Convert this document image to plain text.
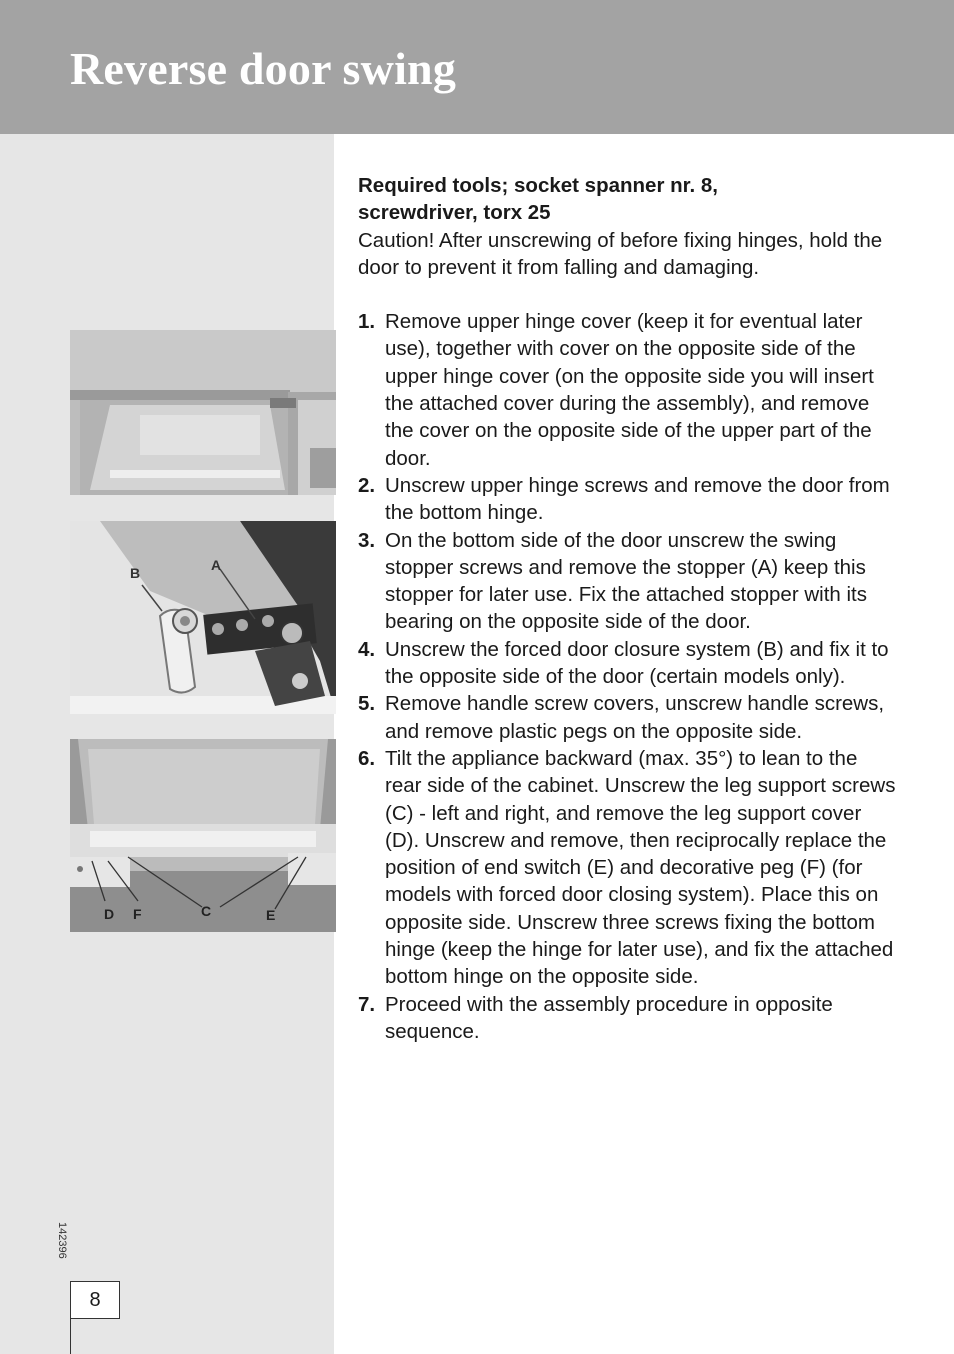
Reverse door swing
B	A
D F	C	E
142396
8

Required tools; socket spanner nr. 8,
screwdriver, torx 25

Caution! After unscrewing of before fixing hinges, hold the door to prevent it from falling and damaging.

1. Remove upper hinge cover (keep it for eventual later use), together with cover on the opposite side of the upper hinge cover (on the opposite side you will insert the attached cover during the assembly), and remove the cover on the opposite side of the upper part of the door.
2. Unscrew upper hinge screws and remove the door from the bottom hinge.
3. On the bottom side of the door unscrew the swing stopper screws and remove the stopper (A) keep this stopper for later use. Fix the attached stopper with its bearing on the opposite side of the door.
4. Unscrew the forced door closure system (B) and fix it to the opposite side of the door (certain models only).
5. Remove handle screw covers, unscrew handle screws, and remove plastic pegs on the opposite side.
6. Tilt the appliance backward (max. 35°) to lean to the rear side of the cabinet. Unscrew the leg support screws (C) - left and right, and remove the leg support cover (D). Unscrew and remove, then reciprocally replace the position of end switch (E) and decorative peg (F) (for models with forced door closing system). Place this on opposite side. Unscrew three screws fixing the bottom hinge (keep the hinge for later use), and fix the attached bottom hinge on the opposite side.
7. Proceed with the assembly procedure in opposite sequence.
